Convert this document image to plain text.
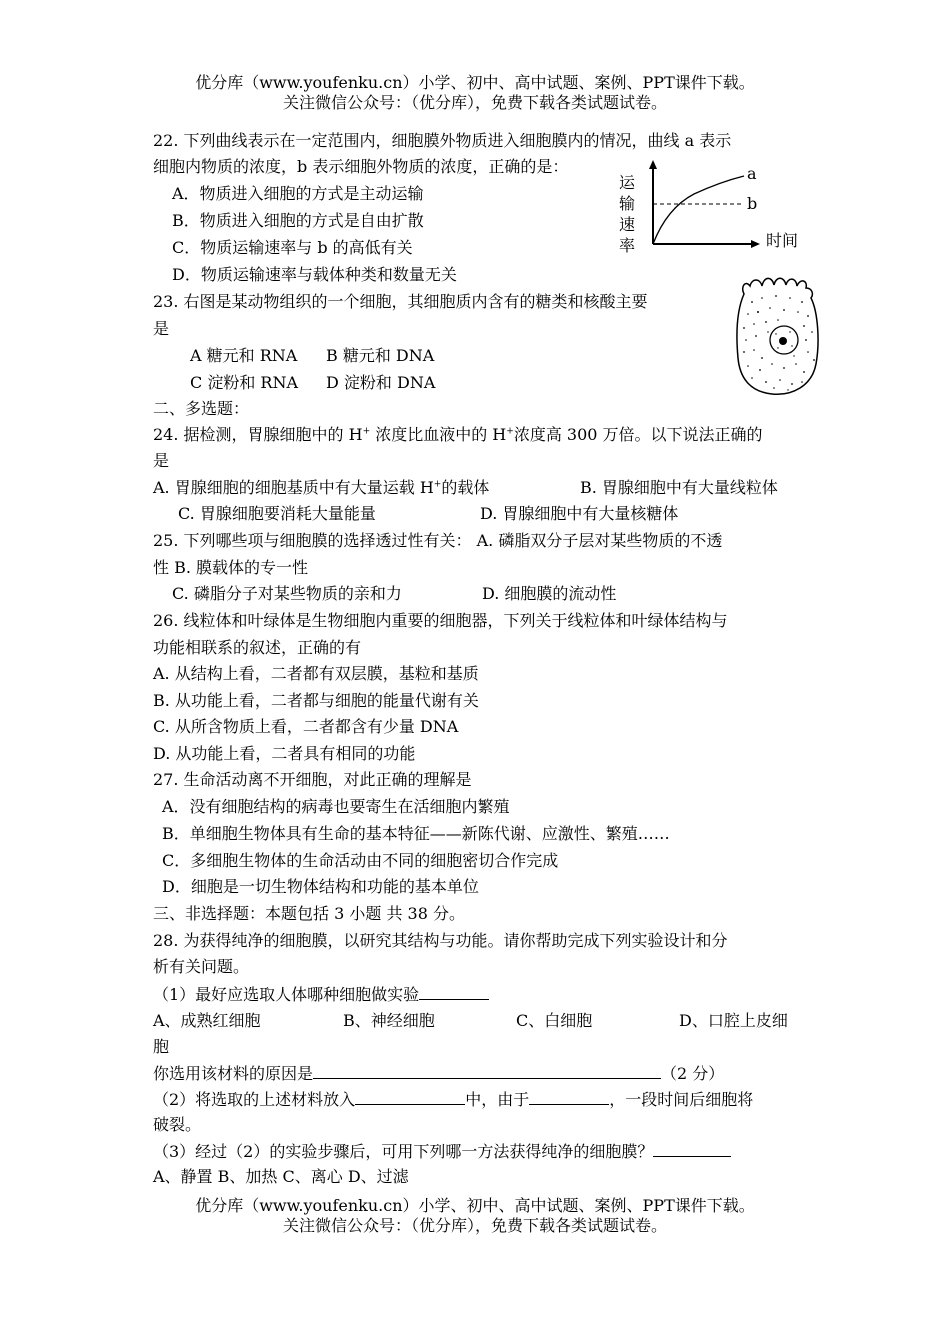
优分库（www.youfenku.cn）小学、初中、高中试题、案例、PPT课件下载。
关注微信公众号：（优分库），免费下载各类试题试卷。
22. 下列曲线表示在一定范围内，细胞膜外物质进入细胞膜内的情况，曲线 a 表示
细胞内物质的浓度，b 表示细胞外物质的浓度，正确的是：
A．物质进入细胞的方式是主动运输
B．物质进入细胞的方式是自由扩散
C．物质运输速率与 b 的高低有关
D．物质运输速率与载体种类和数量无关
运输速率
a
b
时间
23. 右图是某动物组织的一个细胞，其细胞质内含有的糖类和核酸主要
是
A 糖元和 RNA B 糖元和 DNA
C 淀粉和 RNA D 淀粉和 DNA
二、多选题：
24. 据检测，胃腺细胞中的 H+ 浓度比血液中的 H+浓度高 300 万倍。以下说法正确的
是
A. 胃腺细胞的细胞基质中有大量运载 H+的载体	B. 胃腺细胞中有大量线粒体
C. 胃腺细胞要消耗大量能量	D. 胃腺细胞中有大量核糖体
25. 下列哪些项与细胞膜的选择透过性有关： A. 磷脂双分子层对某些物质的不透
性 B. 膜载体的专一性
C. 磷脂分子对某些物质的亲和力	D. 细胞膜的流动性
26. 线粒体和叶绿体是生物细胞内重要的细胞器，下列关于线粒体和叶绿体结构与
功能相联系的叙述，正确的有
A. 从结构上看，二者都有双层膜，基粒和基质
B. 从功能上看，二者都与细胞的能量代谢有关
C. 从所含物质上看，二者都含有少量 DNA
D. 从功能上看，二者具有相同的功能
27. 生命活动离不开细胞，对此正确的理解是
A．没有细胞结构的病毒也要寄生在活细胞内繁殖
B．单细胞生物体具有生命的基本特征——新陈代谢、应激性、繁殖……
C．多细胞生物体的生命活动由不同的细胞密切合作完成
D．细胞是一切生物体结构和功能的基本单位
三、非选择题：本题包括 3 小题 共 38 分。
28. 为获得纯净的细胞膜，以研究其结构与功能。请你帮助完成下列实验设计和分
析有关问题。
（1）最好应选取人体哪种细胞做实验
A、成熟红细胞	B、神经细胞	C、白细胞	D、口腔上皮细
胞
你选用该材料的原因是	（2 分）
（2）将选取的上述材料放入	中，由于	，一段时间后细胞将
破裂。
（3）经过（2）的实验步骤后，可用下列哪一方法获得纯净的细胞膜？
A、静置 B、加热 C、离心 D、过滤
优分库（www.youfenku.cn）小学、初中、高中试题、案例、PPT课件下载。
关注微信公众号：（优分库），免费下载各类试题试卷。
